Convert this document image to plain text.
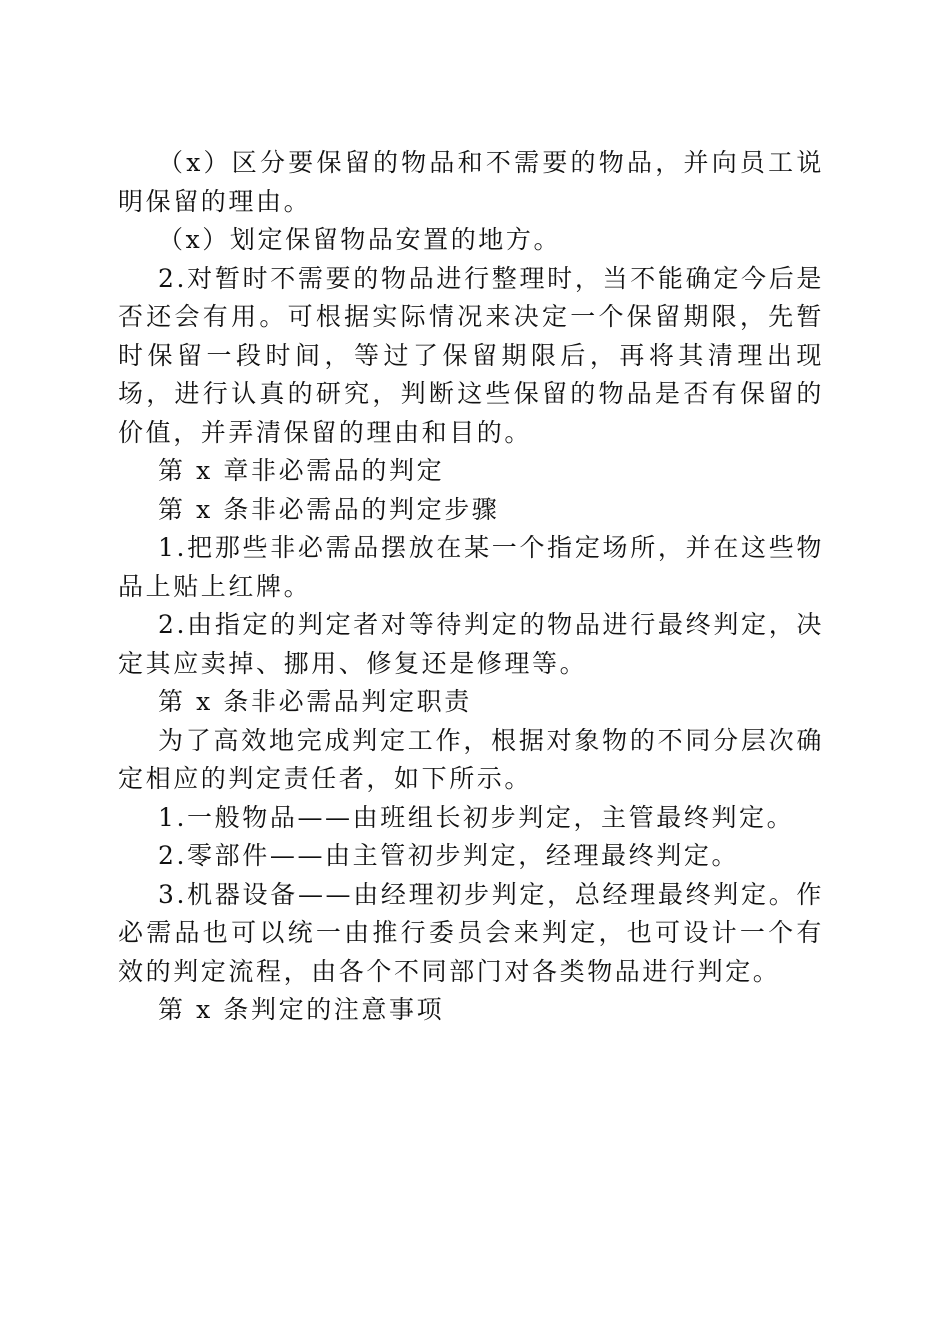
（x）区分要保留的物品和不需要的物品，并向员工说明保留的理由。

（x）划定保留物品安置的地方。

2.对暂时不需要的物品进行整理时，当不能确定今后是否还会有用。可根据实际情况来决定一个保留期限，先暂时保留一段时间，等过了保留期限后，再将其清理出现场，进行认真的研究，判断这些保留的物品是否有保留的价值，并弄清保留的理由和目的。

第 x 章非必需品的判定

第 x 条非必需品的判定步骤

1.把那些非必需品摆放在某一个指定场所，并在这些物品上贴上红牌。

2.由指定的判定者对等待判定的物品进行最终判定，决定其应卖掉、挪用、修复还是修理等。

第 x 条非必需品判定职责

为了高效地完成判定工作，根据对象物的不同分层次确定相应的判定责任者，如下所示。

1.一般物品——由班组长初步判定，主管最终判定。

2.零部件——由主管初步判定，经理最终判定。

3.机器设备——由经理初步判定，总经理最终判定。作必需品也可以统一由推行委员会来判定，也可设计一个有效的判定流程，由各个不同部门对各类物品进行判定。

第 x 条判定的注意事项
